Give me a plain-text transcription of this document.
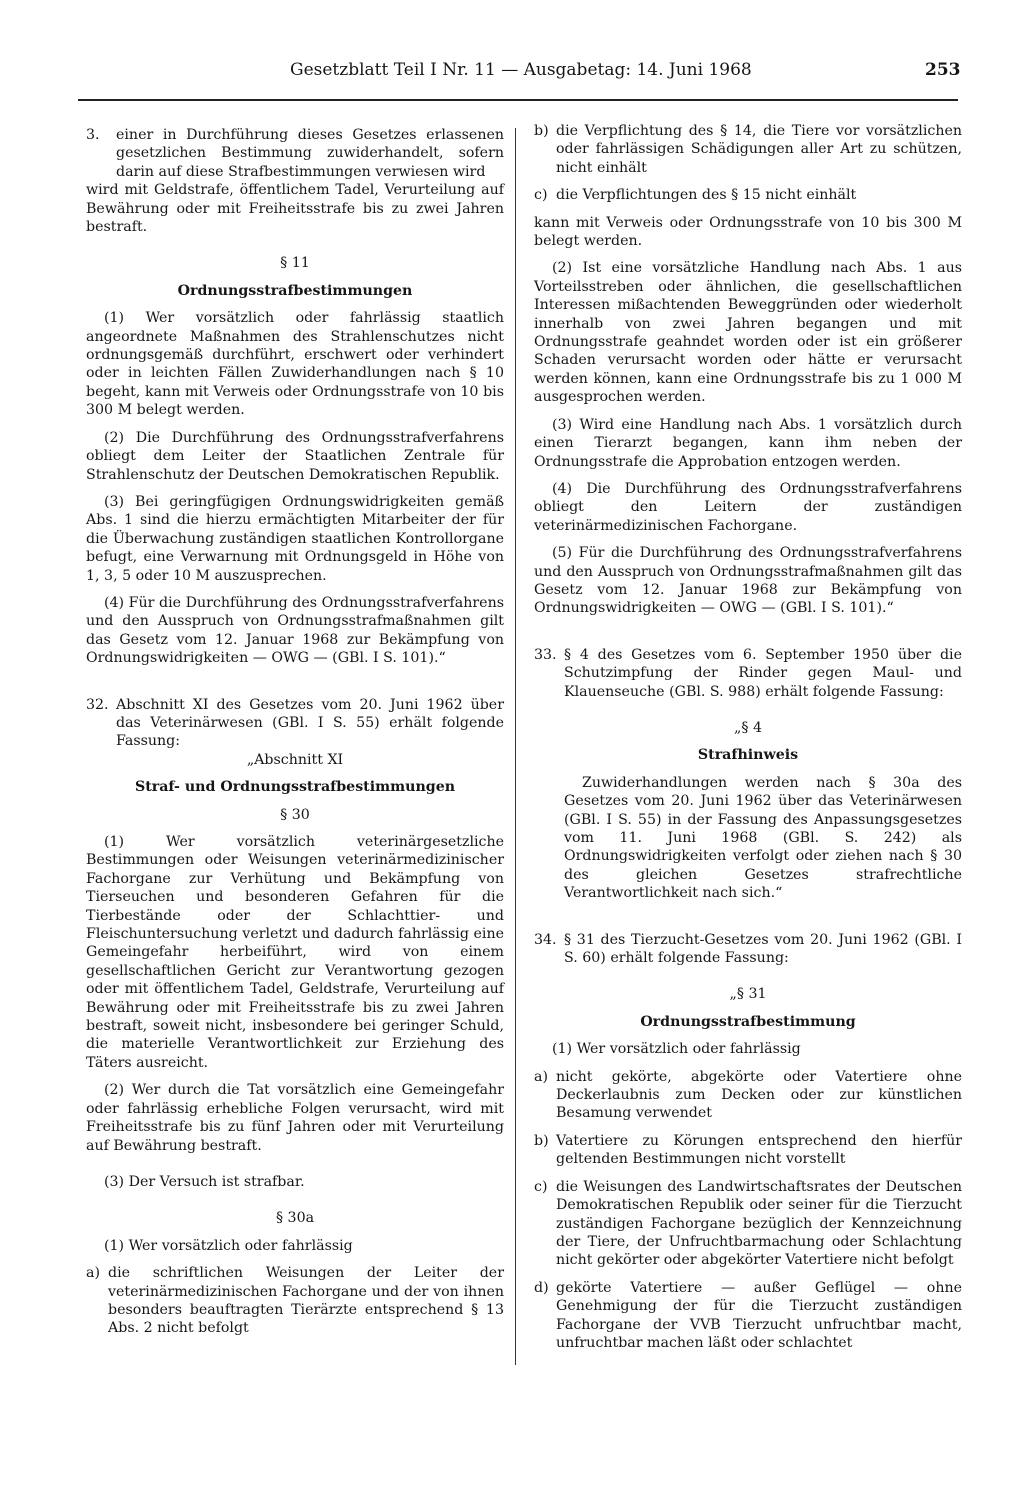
Gesetzblatt Teil I Nr. 11 — Ausgabetag: 14. Juni 1968	253

3. einer in Durchführung dieses Gesetzes erlassenen gesetzlichen Bestimmung zuwiderhandelt, sofern darin auf diese Strafbestimmungen verwiesen wird

wird mit Geldstrafe, öffentlichem Tadel, Verurteilung auf Bewährung oder mit Freiheitsstrafe bis zu zwei Jahren bestraft.

§ 11

Ordnungsstrafbestimmungen

(1) Wer vorsätzlich oder fahrlässig staatlich angeordnete Maßnahmen des Strahlenschutzes nicht ordnungsgemäß durchführt, erschwert oder verhindert oder in leichten Fällen Zuwiderhandlungen nach § 10 begeht, kann mit Verweis oder Ordnungsstrafe von 10 bis 300 M belegt werden.

(2) Die Durchführung des Ordnungsstrafverfahrens obliegt dem Leiter der Staatlichen Zentrale für Strahlenschutz der Deutschen Demokratischen Republik.

(3) Bei geringfügigen Ordnungswidrigkeiten gemäß Abs. 1 sind die hierzu ermächtigten Mitarbeiter der für die Überwachung zuständigen staatlichen Kontrollorgane befugt, eine Verwarnung mit Ordnungsgeld in Höhe von 1, 3, 5 oder 10 M auszusprechen.

(4) Für die Durchführung des Ordnungsstrafverfahrens und den Ausspruch von Ordnungsstrafmaßnahmen gilt das Gesetz vom 12. Januar 1968 zur Bekämpfung von Ordnungswidrigkeiten — OWG — (GBl. I S. 101).“

32. Abschnitt XI des Gesetzes vom 20. Juni 1962 über das Veterinärwesen (GBl. I S. 55) erhält folgende Fassung:

„Abschnitt XI

Straf- und Ordnungsstrafbestimmungen

§ 30

(1) Wer vorsätzlich veterinärgesetzliche Bestimmungen oder Weisungen veterinärmedizinischer Fachorgane zur Verhütung und Bekämpfung von Tierseuchen und besonderen Gefahren für die Tierbestände oder der Schlachttier- und Fleischuntersuchung verletzt und dadurch fahrlässig eine Gemeingefahr herbeiführt, wird von einem gesellschaftlichen Gericht zur Verantwortung gezogen oder mit öffentlichem Tadel, Geldstrafe, Verurteilung auf Bewährung oder mit Freiheitsstrafe bis zu zwei Jahren bestraft, soweit nicht, insbesondere bei geringer Schuld, die materielle Verantwortlichkeit zur Erziehung des Täters ausreicht.

(2) Wer durch die Tat vorsätzlich eine Gemeingefahr oder fahrlässig erhebliche Folgen verursacht, wird mit Freiheitsstrafe bis zu fünf Jahren oder mit Verurteilung auf Bewährung bestraft.

(3) Der Versuch ist strafbar.

§ 30a

(1) Wer vorsätzlich oder fahrlässig

a) die schriftlichen Weisungen der Leiter der veterinärmedizinischen Fachorgane und der von ihnen besonders beauftragten Tierärzte entsprechend § 13 Abs. 2 nicht befolgt

b) die Verpflichtung des § 14, die Tiere vor vorsätzlichen oder fahrlässigen Schädigungen aller Art zu schützen, nicht einhält

c) die Verpflichtungen des § 15 nicht einhält

kann mit Verweis oder Ordnungsstrafe von 10 bis 300 M belegt werden.

(2) Ist eine vorsätzliche Handlung nach Abs. 1 aus Vorteilsstreben oder ähnlichen, die gesellschaftlichen Interessen mißachtenden Beweggründen oder wiederholt innerhalb von zwei Jahren begangen und mit Ordnungsstrafe geahndet worden oder ist ein größerer Schaden verursacht worden oder hätte er verursacht werden können, kann eine Ordnungsstrafe bis zu 1 000 M ausgesprochen werden.

(3) Wird eine Handlung nach Abs. 1 vorsätzlich durch einen Tierarzt begangen, kann ihm neben der Ordnungsstrafe die Approbation entzogen werden.

(4) Die Durchführung des Ordnungsstrafverfahrens obliegt den Leitern der zuständigen veterinärmedizinischen Fachorgane.

(5) Für die Durchführung des Ordnungsstrafverfahrens und den Ausspruch von Ordnungsstrafmaßnahmen gilt das Gesetz vom 12. Januar 1968 zur Bekämpfung von Ordnungswidrigkeiten — OWG — (GBl. I S. 101).“

33. § 4 des Gesetzes vom 6. September 1950 über die Schutzimpfung der Rinder gegen Maul- und Klauenseuche (GBl. S. 988) erhält folgende Fassung:

„§ 4

Strafhinweis

Zuwiderhandlungen werden nach § 30a des Gesetzes vom 20. Juni 1962 über das Veterinärwesen (GBl. I S. 55) in der Fassung des Anpassungsgesetzes vom 11. Juni 1968 (GBl. S. 242) als Ordnungswidrigkeiten verfolgt oder ziehen nach § 30 des gleichen Gesetzes strafrechtliche Verantwortlichkeit nach sich.“

34. § 31 des Tierzucht-Gesetzes vom 20. Juni 1962 (GBl. I S. 60) erhält folgende Fassung:

„§ 31

Ordnungsstrafbestimmung

(1) Wer vorsätzlich oder fahrlässig

a) nicht gekörte, abgekörte oder Vatertiere ohne Deckerlaubnis zum Decken oder zur künstlichen Besamung verwendet

b) Vatertiere zu Körungen entsprechend den hierfür geltenden Bestimmungen nicht vorstellt

c) die Weisungen des Landwirtschaftsrates der Deutschen Demokratischen Republik oder seiner für die Tierzucht zuständigen Fachorgane bezüglich der Kennzeichnung der Tiere, der Unfruchtbarmachung oder Schlachtung nicht gekörter oder abgekörter Vatertiere nicht befolgt

d) gekörte Vatertiere — außer Geflügel — ohne Genehmigung der für die Tierzucht zuständigen Fachorgane der VVB Tierzucht unfruchtbar macht, unfruchtbar machen läßt oder schlachtet
